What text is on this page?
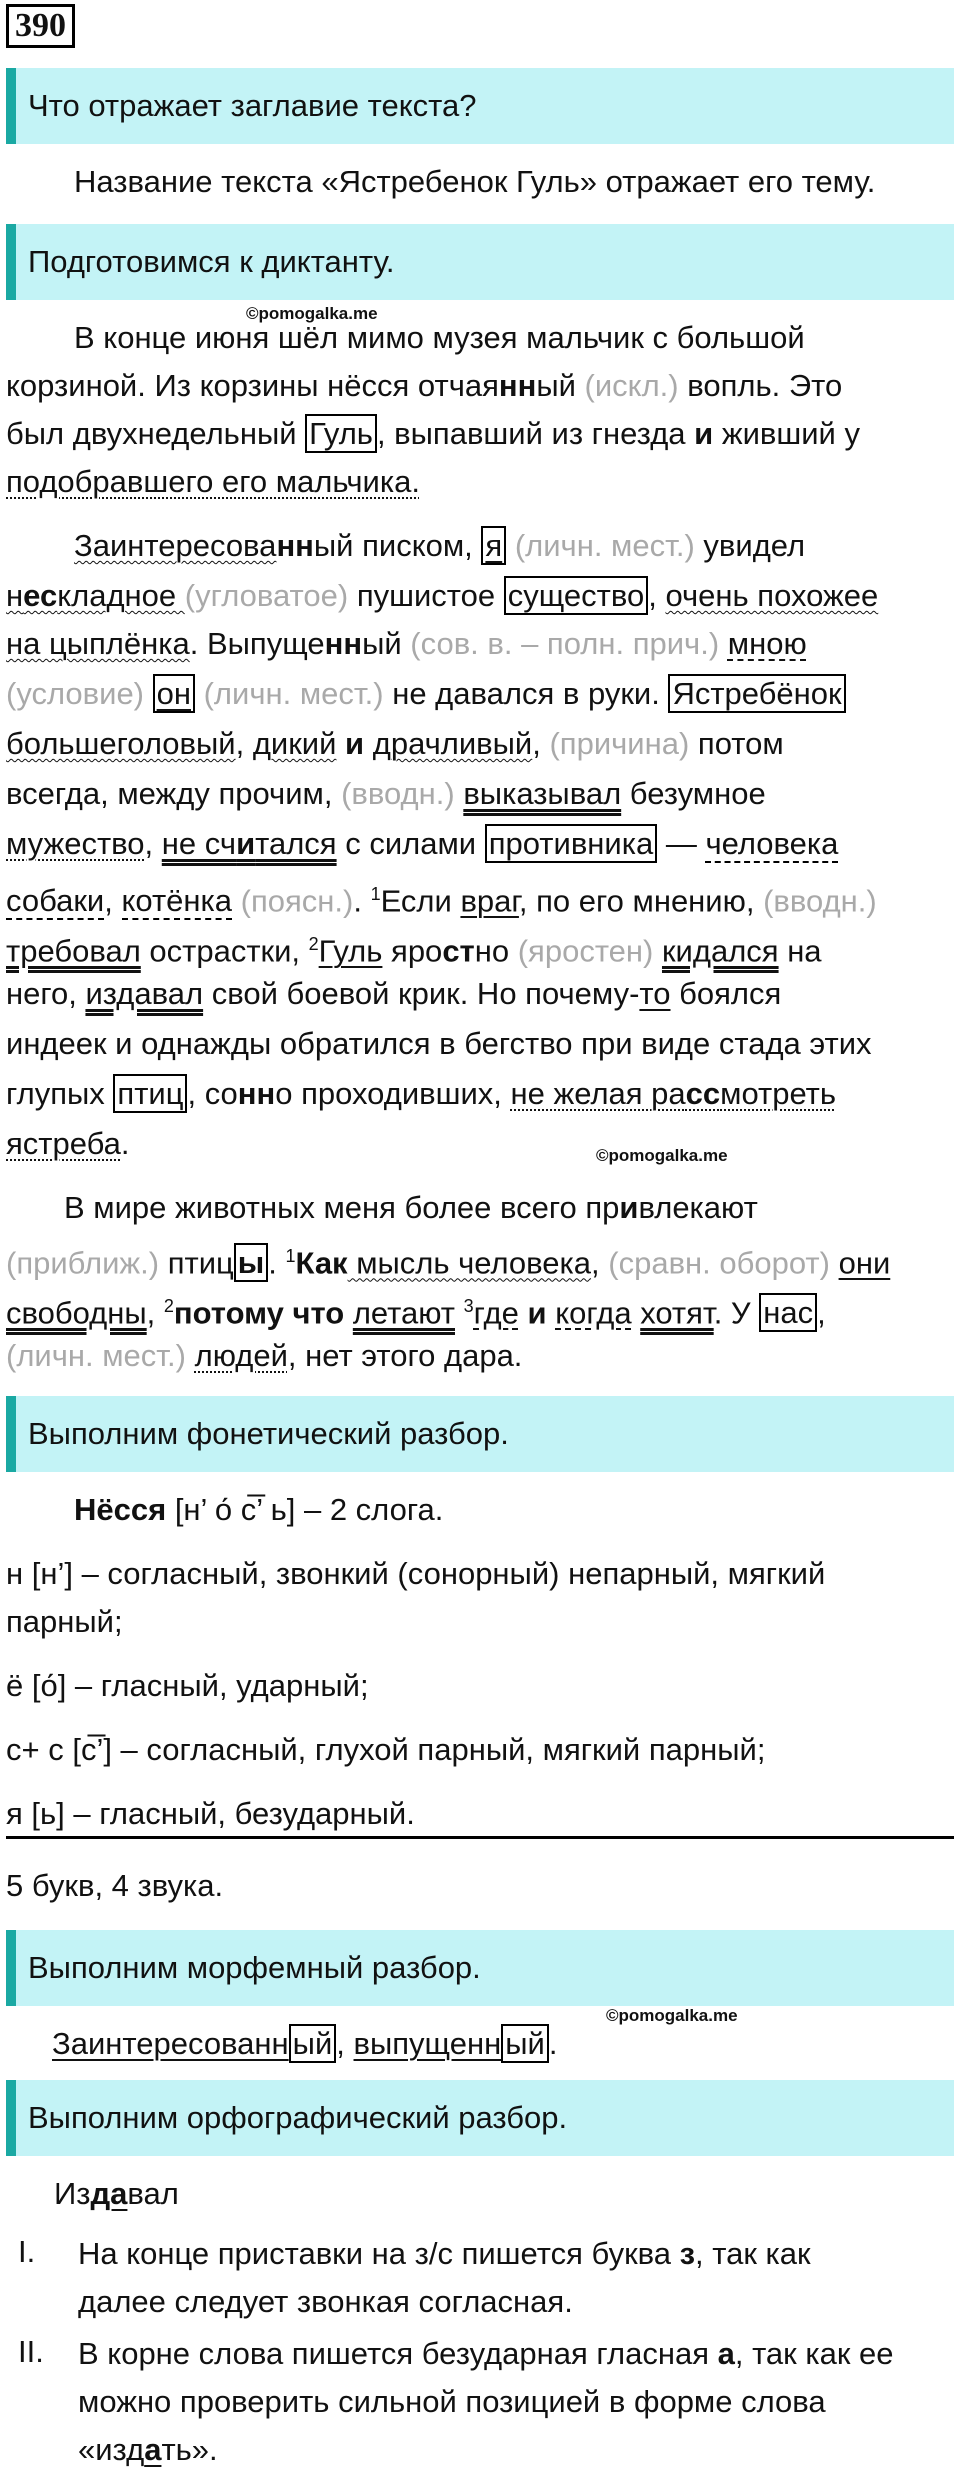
390
Что отражает заглавие текста?
Название текста «Ястребенок Гуль» отражает его тему.
Подготовимся к диктанту.
©pomogalka.me
В конце июня шёл мимо музея мальчик с большой
корзиной. Из корзины нёсся отчаянный (искл.) вопль. Это
был двухнедельный Гуль , выпавший из гнезда и живший у
подобравшего его мальчика.
Заинтересованный писком, я (личн. мест.) увидел
нескладное (угловатое) пушистое существо , очень похожее
на цыплёнка. Выпущенный (сов. в. – полн. прич.) мною
(условие) он (личн. мест.) не давался в руки. Ястребёнок
большеголовый, дикий и драчливый, (причина) потом
всегда, между прочим, (вводн.) выказывал безумное
мужество, не считался с силами противника — человека
собаки, котёнка (поясн.). $^1$Если враг, по его мнению, (вводн.)
требовал острастки, $^2$Гуль яростно (яростен) кидался на
него, издавал свой боевой крик. Но почему-то боялся
индеек и однажды обратился в бегство при виде стада этих
глупых птиц , сонно проходивших, не желая рассмотреть
ястреба.	©pomogalka.me
В мире животных меня более всего привлекают
(приближ.) птиц ы . $^1$Как мысль человека, (сравн. оборот) они
свободны, $^2$потому что летают $^3$где и когда хотят. У нас ,
(личн. мест.) людей, нет этого дара.
Выполним фонетический разбор.
Нёсся [н’ о́ с̅’ ь] – 2 слога.
н [н’] – согласный, звонкий (сонорный) непарный, мягкий
парный;
ё [о́] – гласный, ударный;
с+ с [с̅’] – согласный, глухой парный, мягкий парный;
я [ь] – гласный, безударный.
5 букв, 4 звука.
Выполним морфемный разбор.
Заинтересованн ый , выпущенн ый .
©pomogalka.me
Выполним орфографический разбор.
Издавал
I. На конце приставки на з/с пишется буква з, так как
далее следует звонкая согласная.
II. В корне слова пишется безударная гласная а, так как ее
можно проверить сильной позицией в форме слова
«издать».
